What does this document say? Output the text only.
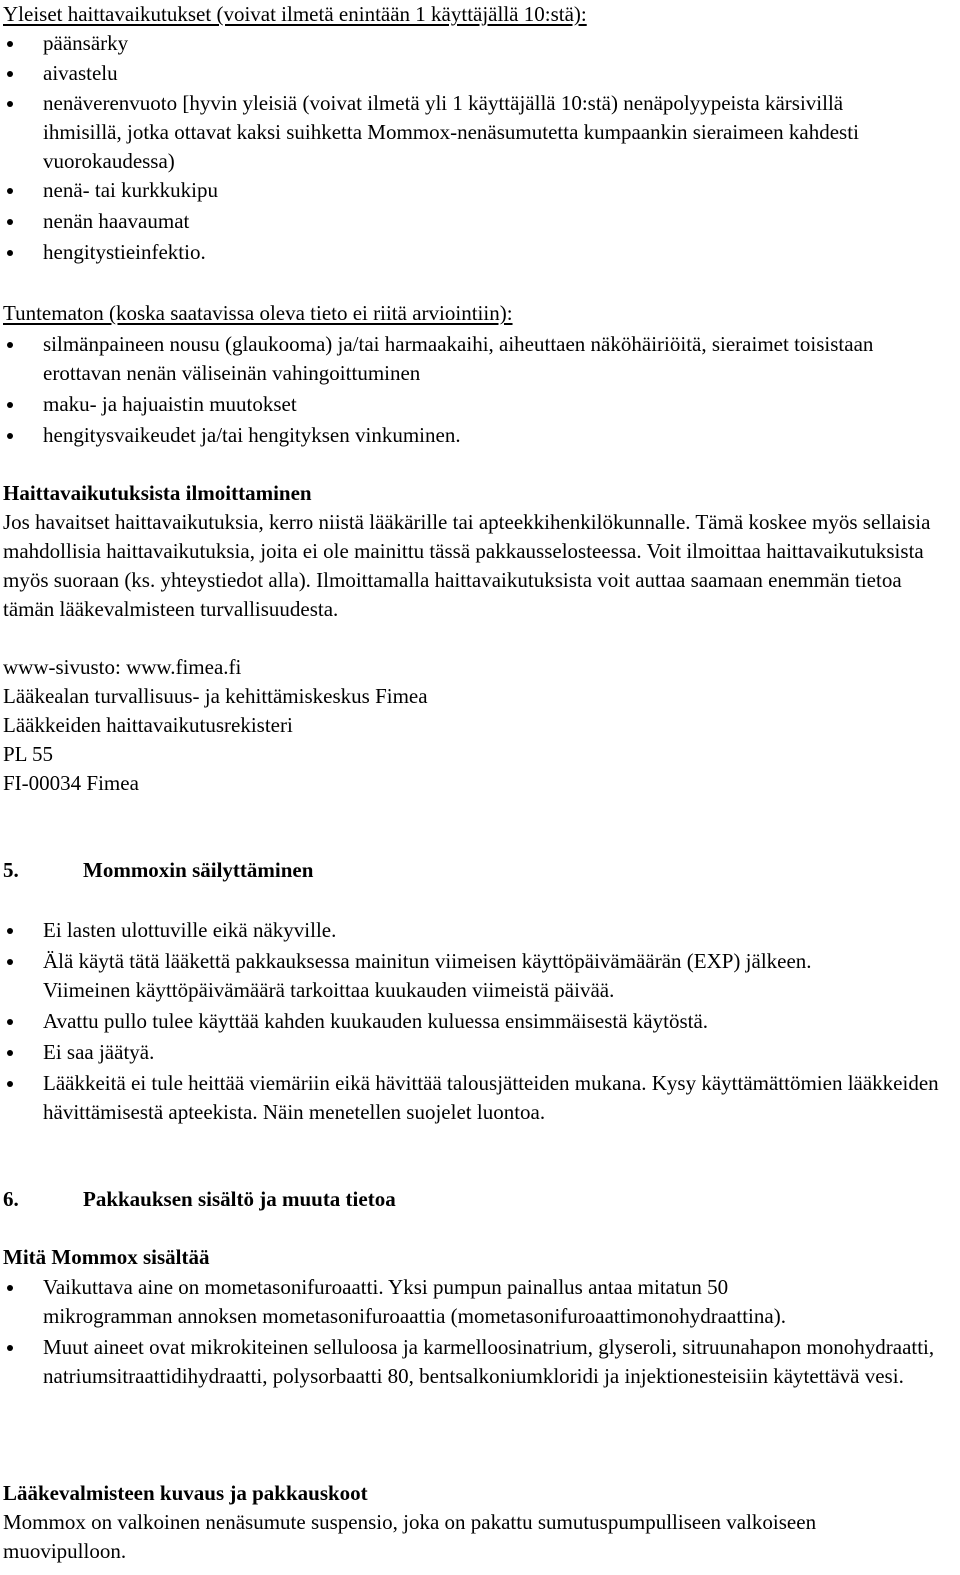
Yleiset haittavaikutukset (voivat ilmetä enintään 1 käyttäjällä 10:stä):

päänsärky
aivastelu
nenäverenvuoto [hyvin yleisiä (voivat ilmetä yli 1 käyttäjällä 10:stä) nenäpolyypeista kärsivillä ihmisillä, jotka ottavat kaksi suihketta Mommox-nenäsumutetta kumpaankin sieraimeen kahdesti vuorokaudessa)
nenä- tai kurkkukipu
nenän haavaumat
hengitystieinfektio.

Tuntematon (koska saatavissa oleva tieto ei riitä arviointiin):

silmänpaineen nousu (glaukooma) ja/tai harmaakaihi, aiheuttaen näköhäiriöitä, sieraimet toisistaan erottavan nenän väliseinän vahingoittuminen
maku- ja hajuaistin muutokset
hengitysvaikeudet ja/tai hengityksen vinkuminen.

Haittavaikutuksista ilmoittaminen

Jos havaitset haittavaikutuksia, kerro niistä lääkärille tai apteekkihenkilökunnalle. Tämä koskee myös sellaisia mahdollisia haittavaikutuksia, joita ei ole mainittu tässä pakkausselosteessa. Voit ilmoittaa haittavaikutuksista myös suoraan (ks. yhteystiedot alla). Ilmoittamalla haittavaikutuksista voit auttaa saamaan enemmän tietoa tämän lääkevalmisteen turvallisuudesta.

www-sivusto: www.fimea.fi

Lääkealan turvallisuus- ja kehittämiskeskus Fimea

Lääkkeiden haittavaikutusrekisteri

PL 55

FI-00034 Fimea

5.	Mommoxin säilyttäminen
Ei lasten ulottuville eikä näkyville.
Älä käytä tätä lääkettä pakkauksessa mainitun viimeisen käyttöpäivämäärän (EXP) jälkeen. Viimeinen käyttöpäivämäärä tarkoittaa kuukauden viimeistä päivää.
Avattu pullo tulee käyttää kahden kuukauden kuluessa ensimmäisestä käytöstä.
Ei saa jäätyä.
Lääkkeitä ei tule heittää viemäriin eikä hävittää talousjätteiden mukana. Kysy käyttämättömien lääkkeiden hävittämisestä apteekista. Näin menetellen suojelet luontoa.
6.	Pakkauksen sisältö ja muuta tietoa

Mitä Mommox sisältää

Vaikuttava aine on mometasonifuroaatti. Yksi pumpun painallus antaa mitatun 50 mikrogramman annoksen mometasonifuroaattia (mometasonifuroaattimonohydraattina).
Muut aineet ovat mikrokiteinen selluloosa ja karmelloosinatrium, glyseroli, sitruunahapon monohydraatti, natriumsitraattidihydraatti, polysorbaatti 80, bentsalkoniumkloridi ja injektionesteisiin käytettävä vesi.

Lääkevalmisteen kuvaus ja pakkauskoot

Mommox on valkoinen nenäsumute suspensio, joka on pakattu sumutuspumpulliseen valkoiseen muovipulloon.
